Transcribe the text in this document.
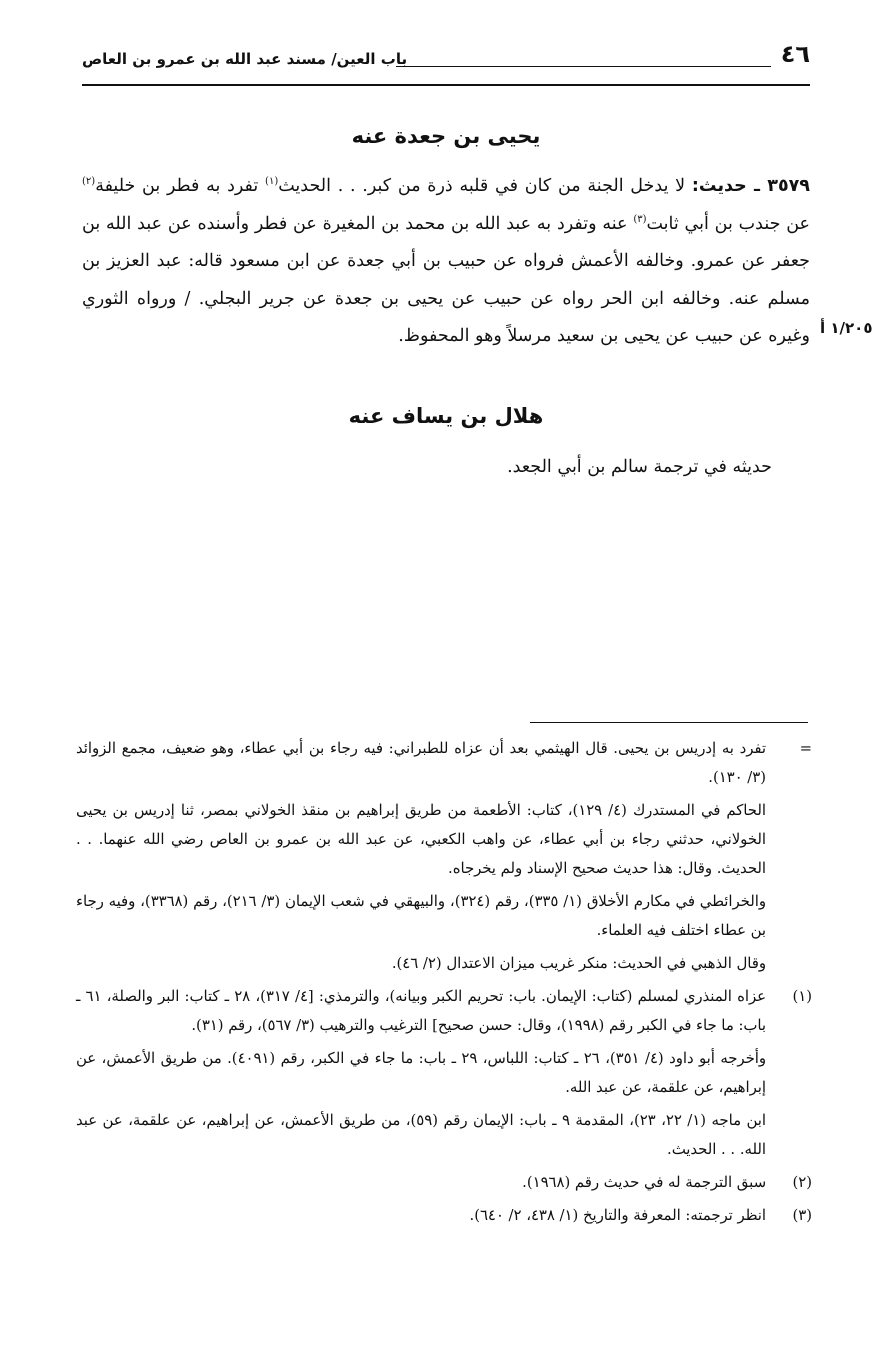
٤٦
باب العين/ مسند عبد الله بن عمرو بن العاص
يحيى بن جعدة عنه

٣٥٧٩ ـ حديث: لا يدخل الجنة من كان في قلبه ذرة من كبر. . . الحديث$^{(١)}$ تفرد به فطر بن خليفة$^{(٢)}$ عن جندب بن أبي ثابت$^{(٣)}$ عنه وتفرد به عبد الله بن محمد بن المغيرة عن فطر وأسنده عن عبد الله بن جعفر عن عمرو. وخالفه الأعمش فرواه عن حبيب بن أبي جعدة عن ابن مسعود قاله: عبد العزيز بن مسلم عنه. وخالفه ابن الحر رواه عن حبيب عن يحيى بن جعدة عن جرير البجلي. / ورواه الثوري وغيره عن حبيب عن يحيى بن سعيد مرسلاً وهو المحفوظ. ١/٢٠٥ أ
هلال بن يساف عنه
حديثه في ترجمة سالم بن أبي الجعد.
=

تفرد به إدريس بن يحيى. قال الهيثمي بعد أن عزاه للطبراني: فيه رجاء بن أبي عطاء، وهو ضعيف، مجمع الزوائد (٣/ ١٣٠).

الحاكم في المستدرك (٤/ ١٢٩)، كتاب: الأطعمة من طريق إبراهيم بن منقذ الخولاني بمصر، ثنا إدريس بن يحيى الخولاني، حدثني رجاء بن أبي عطاء، عن واهب الكعبي، عن عبد الله بن عمرو بن العاص رضي الله عنهما. . . الحديث. وقال: هذا حديث صحيح الإسناد ولم يخرجاه.

والخرائطي في مكارم الأخلاق (١/ ٣٣٥)، رقم (٣٢٤)، والبيهقي في شعب الإيمان (٣/ ٢١٦)، رقم (٣٣٦٨)، وفيه رجاء بن عطاء اختلف فيه العلماء.

وقال الذهبي في الحديث: منكر غريب ميزان الاعتدال (٢/ ٤٦).

(١)

عزاه المنذري لمسلم (كتاب: الإيمان. باب: تحريم الكبر وبيانه)، والترمذي: [٤/ ٣١٧)، ٢٨ ـ كتاب: البر والصلة، ٦١ ـ باب: ما جاء في الكبر رقم (١٩٩٨)، وقال: حسن صحيح] الترغيب والترهيب (٣/ ٥٦٧)، رقم (٣١).

وأخرجه أبو داود (٤/ ٣٥١)، ٢٦ ـ كتاب: اللباس، ٢٩ ـ باب: ما جاء في الكبر، رقم (٤٠٩١). من طريق الأعمش، عن إبراهيم، عن علقمة، عن عبد الله.

ابن ماجه (١/ ٢٢، ٢٣)، المقدمة ٩ ـ باب: الإيمان رقم (٥٩)، من طريق الأعمش، عن إبراهيم، عن علقمة، عن عبد الله. . . الحديث.

(٢)

سبق الترجمة له في حديث رقم (١٩٦٨).

(٣)

انظر ترجمته: المعرفة والتاريخ (١/ ٤٣٨، ٢/ ٦٤٠).
